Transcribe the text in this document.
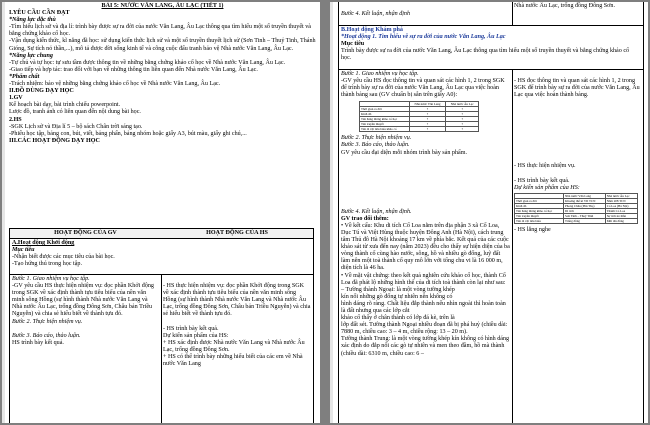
BÀI 5: NƯỚC VĂN LANG, ÂU LẠC (TIẾT 1)

I.YÊU CẦU CẦN ĐẠT

*Năng lực đặc thù

-Tìm hiểu lịch sử và địa lí: trình bày được sự ra đời của nước Văn Lang, Âu Lạc thông qua tìm hiểu một số truyền thuyết và bằng chứng khảo cổ học.

-Vận dụng kiến thức, kĩ năng đã học: sử dụng kiến thức lịch sử và một số truyền thuyết lịch sử (Sơn Tinh – Thuỷ Tinh, Thánh Gióng, Sự tích nỏ thần,...), mô tả được đời sống kinh tế và công cuộc đấu tranh bảo vệ Nhà nước Văn Lang, Âu Lạc.

*Năng lực chung

-Tự chủ và tự học: tự sưu tầm được thông tin về những bằng chứng khảo cổ học về Nhà nước Văn Lang, Âu Lạc.

-Giao tiếp và hợp tác: trao đổi với bạn về những thông tin liên quan đến Nhà nước Văn Lang, Âu Lạc.

*Phẩm chất

-Trách nhiệm: bảo vệ những bằng chứng khảo cổ học về Nhà nước Văn Lang, Âu Lạc.

II.ĐỒ DÙNG DẠY HỌC

1.GV

Kế hoạch bài dạy, bài trình chiếu powerpoint.

Lược đồ, tranh ảnh có liên quan đến nội dung bài học.

2.HS

-SGK Lịch sử và Địa lí 5 – bộ sách Chân trời sáng tạo.

-Phiếu học tập, bảng con, bút, viết, bảng phấn, bảng nhóm hoặc giấy A3, bút màu, giấy ghi chú,...

III.CÁC HOẠT ĐỘNG DẠY HỌC

HOẠT ĐỘNG CỦA GV	HOẠT ĐỘNG CỦA HS

A.Hoạt động Khởi động

Mục tiêu

-Nhận biết được các mục tiêu của bài học.

-Tạo hứng thú trong học tập.

Bước 1. Giao nhiệm vụ học tập.

-GV yêu cầu HS thực hiện nhiệm vụ: đọc phần Khởi động trong SGK về xác định thành tựu tiêu biểu của nền văn minh sông Hồng (sự hình thành Nhà nước Văn Lang và Nhà nước Âu Lạc, trống đồng Đông Sơn, Châu bản Triều Nguyễn) và chia sẻ hiểu biết về thành tựu đó.

Bước 2. Thực hiện nhiệm vụ.

Bước 3. Báo cáo, thảo luận.

HS trình bày kết quả.

- HS thực hiện nhiệm vụ: đọc phần Khởi động trong SGK về xác định thành tựu tiêu biểu của nền văn minh sông Hồng (sự hình thành Nhà nước Văn Lang và Nhà nước Âu Lạc, trống đồng Đông Sơn, Châu bản Triều Nguyễn) và chia sẻ hiểu biết về thành tựu đó.

- HS trình bày kết quả.

Dự kiến sản phẩm của HS:

+ HS xác định được Nhà nước Văn Lang và Nhà nước Âu Lạc, trống đồng Đông Sơn.

+ HS có thể trình bày những hiểu biết của các em về Nhà nước Văn Lang

Bước 4. Kết luận, nhận định

Nhà nước Âu Lạc, trống đồng Đông Sơn.

B.Hoạt động Khám phá

*Hoạt động 1. Tìm hiểu về sự ra đời của nước Văn Lang, Âu Lạc

Mục tiêu

Trình bày được sự ra đời của nước Văn Lang, Âu Lạc thông qua tìm hiểu một số truyền thuyết và bằng chứng khảo cổ học.

Bước 1. Giao nhiệm vụ học tập.

-GV yêu cầu HS đọc thông tin và quan sát các hình 1, 2 trong SGK để trình bày sự ra đời của nước Văn Lang, Âu Lạc qua việc hoàn thành bảng sau (GV chuẩn bị sẵn trên giấy A0):

	Nhà nước Văn Lang	Nhà nước Âu Lạc
Thời gian ra đời	?	?
Kinh đô	?	?
Tên hàng thông khảo cổ học	?	?
Tên truyền thuyết	?	?
Tên di vật tiêu biểu khảo cổ	?	?

Bước 2. Thực hiện nhiệm vụ.

Bước 3. Báo cáo, thảo luận.

GV yêu cầu đại diện mỗi nhóm trình bày sản phẩm.

Bước 4. Kết luận, nhận định.

GV trao đổi thêm:

• Về kết cấu: Khu di tích Cổ Loa nằm trên địa phận 3 xã Cổ Loa, Dục Tú và Việt Hùng thuộc huyện Đông Anh (Hà Nội), cách trung tâm Thủ đô Hà Nội khoảng 17 km về phía bắc. Kết quả của các cuộc khảo sát từ xưa đến nay (năm 2023) đều cho thấy sự hiện diện của ba vòng thành cổ cùng hào nước, sông, hồ và nhiều gò đống, luỹ đất làm nên một toà thành cổ quy mô lớn với tổng chu vi là 16 000 m, diện tích là 46 ha.

• Về mặt vật chứng: theo kết quả nghiên cứu khảo cổ học, thành Cổ Loa đã phát lộ những hình thể của di tích toà thành còn lại như sau: – Tường thành Ngoại: là một vòng tường khép

kín nối những gò đống tự nhiên nên không có

hình dáng rõ ràng. Chất liệu đắp thành nếu nhìn ngoài thì hoàn toàn là đất nhưng qua các lớp cắt

khảo cổ thấy ở chân thành có lớp đá kè, trên là

lớp đất sét. Tường thành Ngoại nhiều đoạn đã bị phá huỷ (chiều dài: 7880 m, chiều cao: 3 – 4 m, chiều rộng: 13 – 20 m).

Tường thành Trung: là một vòng tường khép kín không có hình dáng xác định do đắp nối các gò tự nhiên và men theo đầm, hồ mà thành (chiều dài: 6310 m, chiều cao: 6 –

- HS đọc thông tin và quan sát các hình 1, 2 trong SGK để trình bày sự ra đời của nước Văn Lang, Âu Lạc qua việc hoàn thành bảng.

- HS thực hiện nhiệm vụ.

- HS trình bày kết quả.

Dự kiến sản phẩm của HS:

	Nhà nước Văn Lang	Nhà nước Âu Lạc
Thời gian ra đời	Khoảng thế kỉ VII TCN	Năm 208 TCN
Kinh đô	Phong Châu (Phú Thọ)	Cổ Loa (Hà Nội)
Tên hàng thông khảo cổ học	Di tích	Thành Cổ Loa
Tên truyền thuyết	Sơn Tinh – Thuỷ Tinh	Sự tích nỏ thần
Tên di vật tiêu biểu	Trống đồng	Mũi tên đồng

- HS lắng nghe
